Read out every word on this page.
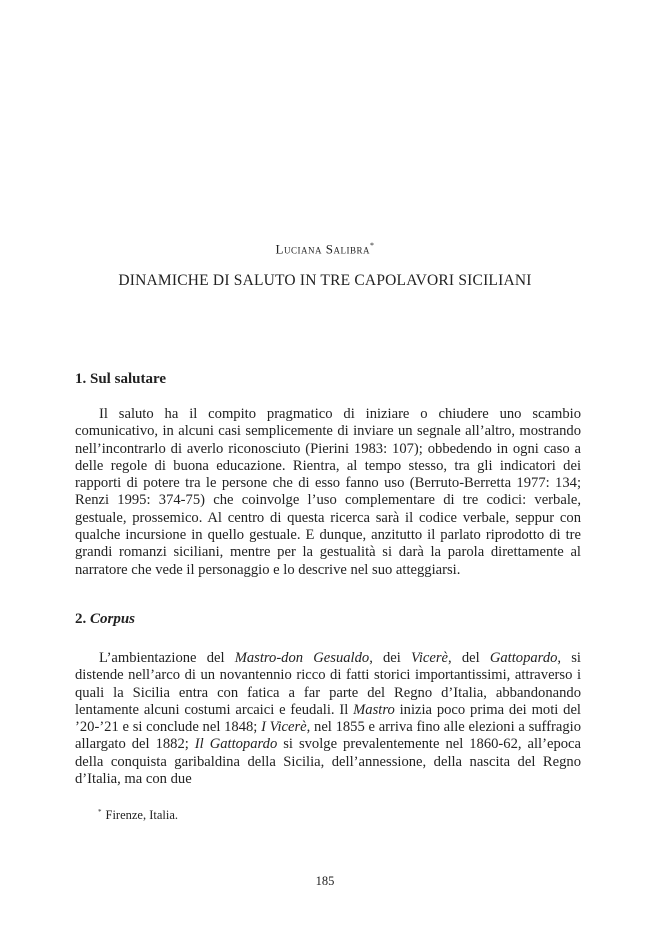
Luciana Salibra*
DINAMICHE DI SALUTO IN TRE CAPOLAVORI SICILIANI
1. Sul salutare

Il saluto ha il compito pragmatico di iniziare o chiudere uno scambio comunicativo, in alcuni casi semplicemente di inviare un segnale all’altro, mostrando nell’incontrarlo di averlo riconosciuto (Pierini 1983: 107); obbedendo in ogni caso a delle regole di buona educazione. Rientra, al tempo stesso, tra gli indicatori dei rapporti di potere tra le persone che di esso fanno uso (Berruto-Berretta 1977: 134; Renzi 1995: 374-75) che coinvolge l’uso complementare di tre codici: verbale, gestuale, prossemico. Al centro di questa ricerca sarà il codice verbale, seppur con qualche incursione in quello gestuale. E dunque, anzitutto il parlato riprodotto di tre grandi romanzi siciliani, mentre per la gestualità si darà la parola direttamente al narratore che vede il personaggio e lo descrive nel suo atteggiarsi.

2. Corpus

L’ambientazione del Mastro-don Gesualdo, dei Vicerè, del Gattopardo, si distende nell’arco di un novantennio ricco di fatti storici importantissimi, attraverso i quali la Sicilia entra con fatica a far parte del Regno d’Italia, abbandonando lentamente alcuni costumi arcaici e feudali. Il Mastro inizia poco prima dei moti del ’20-’21 e si conclude nel 1848; I Vicerè, nel 1855 e arriva fino alle elezioni a suffragio allargato del 1882; Il Gattopardo si svolge prevalentemente nel 1860-62, all’epoca della conquista garibaldina della Sicilia, dell’annessione, della nascita del Regno d’Italia, ma con due

* Firenze, Italia.
185
